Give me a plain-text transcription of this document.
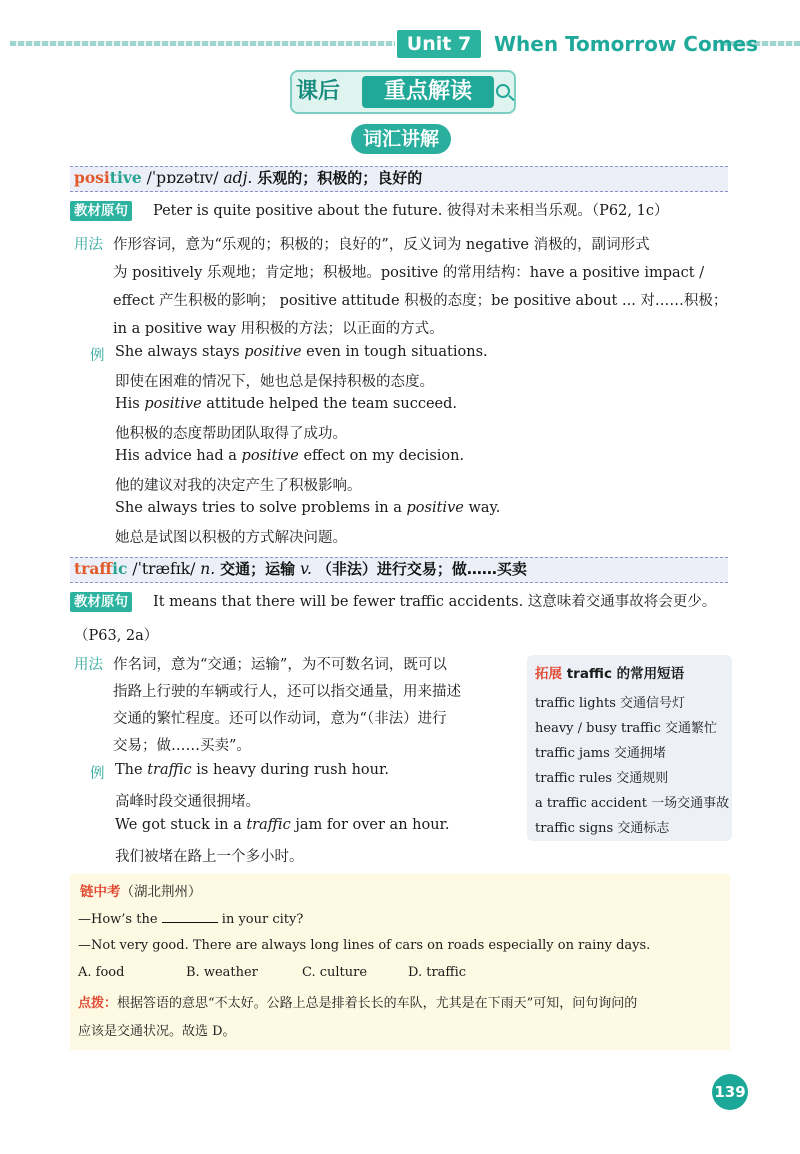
Unit 7	When Tomorrow Comes
课后	重点解读
词汇讲解
positive /ˈpɒzətɪv/ adj. 乐观的；积极的；良好的
教材原句 Peter is quite positive about the future. 彼得对未来相当乐观。（P62, 1c）
用法 作形容词，意为“乐观的；积极的；良好的”，反义词为 negative 消极的，副词形式
为 positively 乐观地；肯定地；积极地。positive 的常用结构：have a positive impact /
effect 产生积极的影响； positive attitude 积极的态度；be positive about ... 对……积极；
in a positive way 用积极的方法；以正面的方式。
例 She always stays positive even in tough situations.
即使在困难的情况下，她也总是保持积极的态度。
His positive attitude helped the team succeed.
他积极的态度帮助团队取得了成功。
His advice had a positive effect on my decision.
他的建议对我的决定产生了积极影响。
She always tries to solve problems in a positive way.
她总是试图以积极的方式解决问题。
traffic /ˈtræfɪk/ n. 交通；运输 v. （非法）进行交易；做……买卖
教材原句 It means that there will be fewer traffic accidents. 这意味着交通事故将会更少。
（P63, 2a）
用法 作名词，意为“交通；运输”，为不可数名词，既可以
指路上行驶的车辆或行人，还可以指交通量，用来描述
交通的繁忙程度。还可以作动词，意为“（非法）进行
交易；做……买卖”。
例 The traffic is heavy during rush hour.
高峰时段交通很拥堵。
We got stuck in a traffic jam for over an hour.
我们被堵在路上一个多小时。
拓展 traffic 的常用短语
traffic lights 交通信号灯
heavy / busy traffic 交通繁忙
traffic jams 交通拥堵
traffic rules 交通规则
a traffic accident 一场交通事故
traffic signs 交通标志
链中考（湖北荆州）
—How’s the	in your city?
—Not very good. There are always long lines of cars on roads especially on rainy days.
A. food	B. weather	C. culture	D. traffic
点拨：根据答语的意思“不太好。公路上总是排着长长的车队，尤其是在下雨天”可知，问句询问的
应该是交通状况。故选 D。
139
